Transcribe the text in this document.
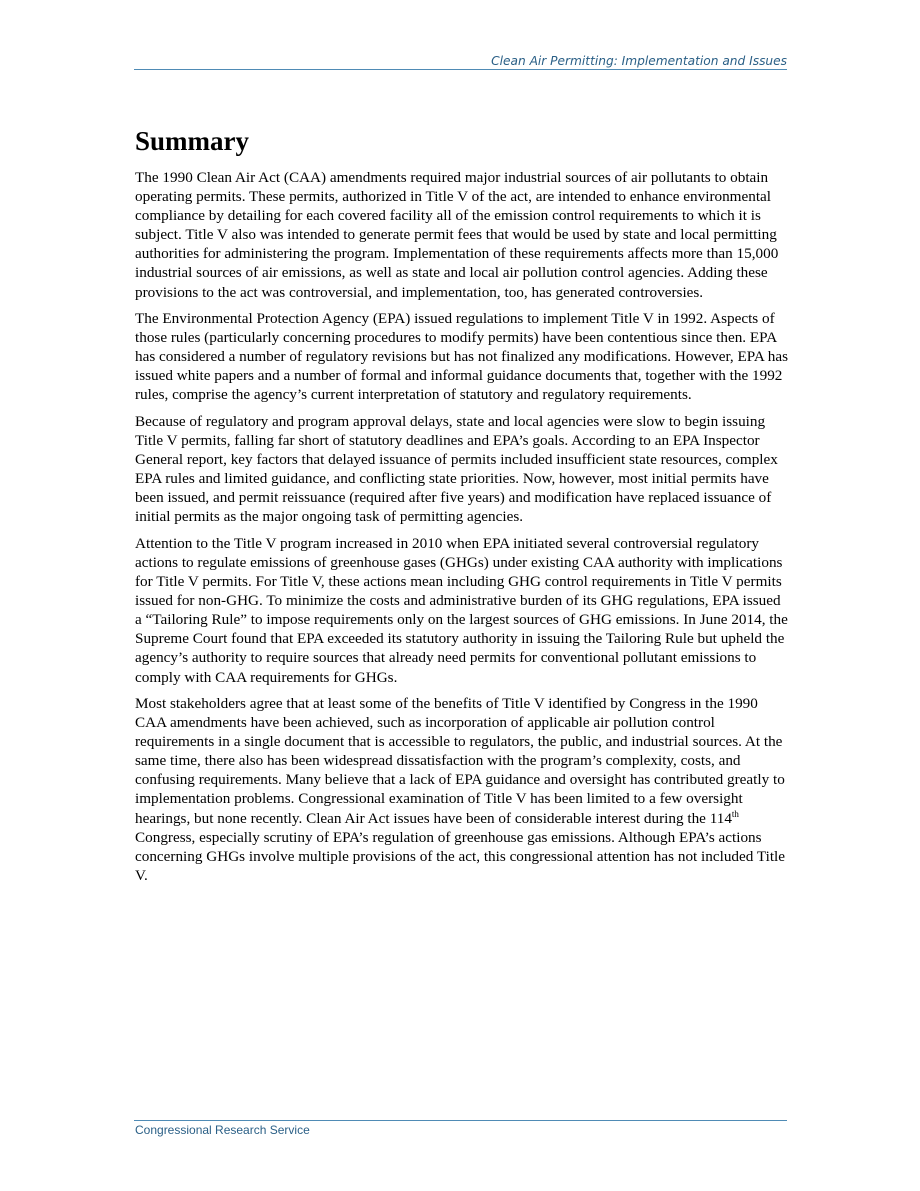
Clean Air Permitting: Implementation and Issues
Summary

The 1990 Clean Air Act (CAA) amendments required major industrial sources of air pollutants to obtain operating permits. These permits, authorized in Title V of the act, are intended to enhance environmental compliance by detailing for each covered facility all of the emission control requirements to which it is subject. Title V also was intended to generate permit fees that would be used by state and local permitting authorities for administering the program. Implementation of these requirements affects more than 15,000 industrial sources of air emissions, as well as state and local air pollution control agencies. Adding these provisions to the act was controversial, and implementation, too, has generated controversies.

The Environmental Protection Agency (EPA) issued regulations to implement Title V in 1992. Aspects of those rules (particularly concerning procedures to modify permits) have been contentious since then. EPA has considered a number of regulatory revisions but has not finalized any modifications. However, EPA has issued white papers and a number of formal and informal guidance documents that, together with the 1992 rules, comprise the agency’s current interpretation of statutory and regulatory requirements.

Because of regulatory and program approval delays, state and local agencies were slow to begin issuing Title V permits, falling far short of statutory deadlines and EPA’s goals. According to an EPA Inspector General report, key factors that delayed issuance of permits included insufficient state resources, complex EPA rules and limited guidance, and conflicting state priorities. Now, however, most initial permits have been issued, and permit reissuance (required after five years) and modification have replaced issuance of initial permits as the major ongoing task of permitting agencies.

Attention to the Title V program increased in 2010 when EPA initiated several controversial regulatory actions to regulate emissions of greenhouse gases (GHGs) under existing CAA authority with implications for Title V permits. For Title V, these actions mean including GHG control requirements in Title V permits issued for non-GHG. To minimize the costs and administrative burden of its GHG regulations, EPA issued a “Tailoring Rule” to impose requirements only on the largest sources of GHG emissions. In June 2014, the Supreme Court found that EPA exceeded its statutory authority in issuing the Tailoring Rule but upheld the agency’s authority to require sources that already need permits for conventional pollutant emissions to comply with CAA requirements for GHGs.

Most stakeholders agree that at least some of the benefits of Title V identified by Congress in the 1990 CAA amendments have been achieved, such as incorporation of applicable air pollution control requirements in a single document that is accessible to regulators, the public, and industrial sources. At the same time, there also has been widespread dissatisfaction with the program’s complexity, costs, and confusing requirements. Many believe that a lack of EPA guidance and oversight has contributed greatly to implementation problems. Congressional examination of Title V has been limited to a few oversight hearings, but none recently. Clean Air Act issues have been of considerable interest during the 114th Congress, especially scrutiny of EPA’s regulation of greenhouse gas emissions. Although EPA’s actions concerning GHGs involve multiple provisions of the act, this congressional attention has not included Title V.

Congressional Research Service
